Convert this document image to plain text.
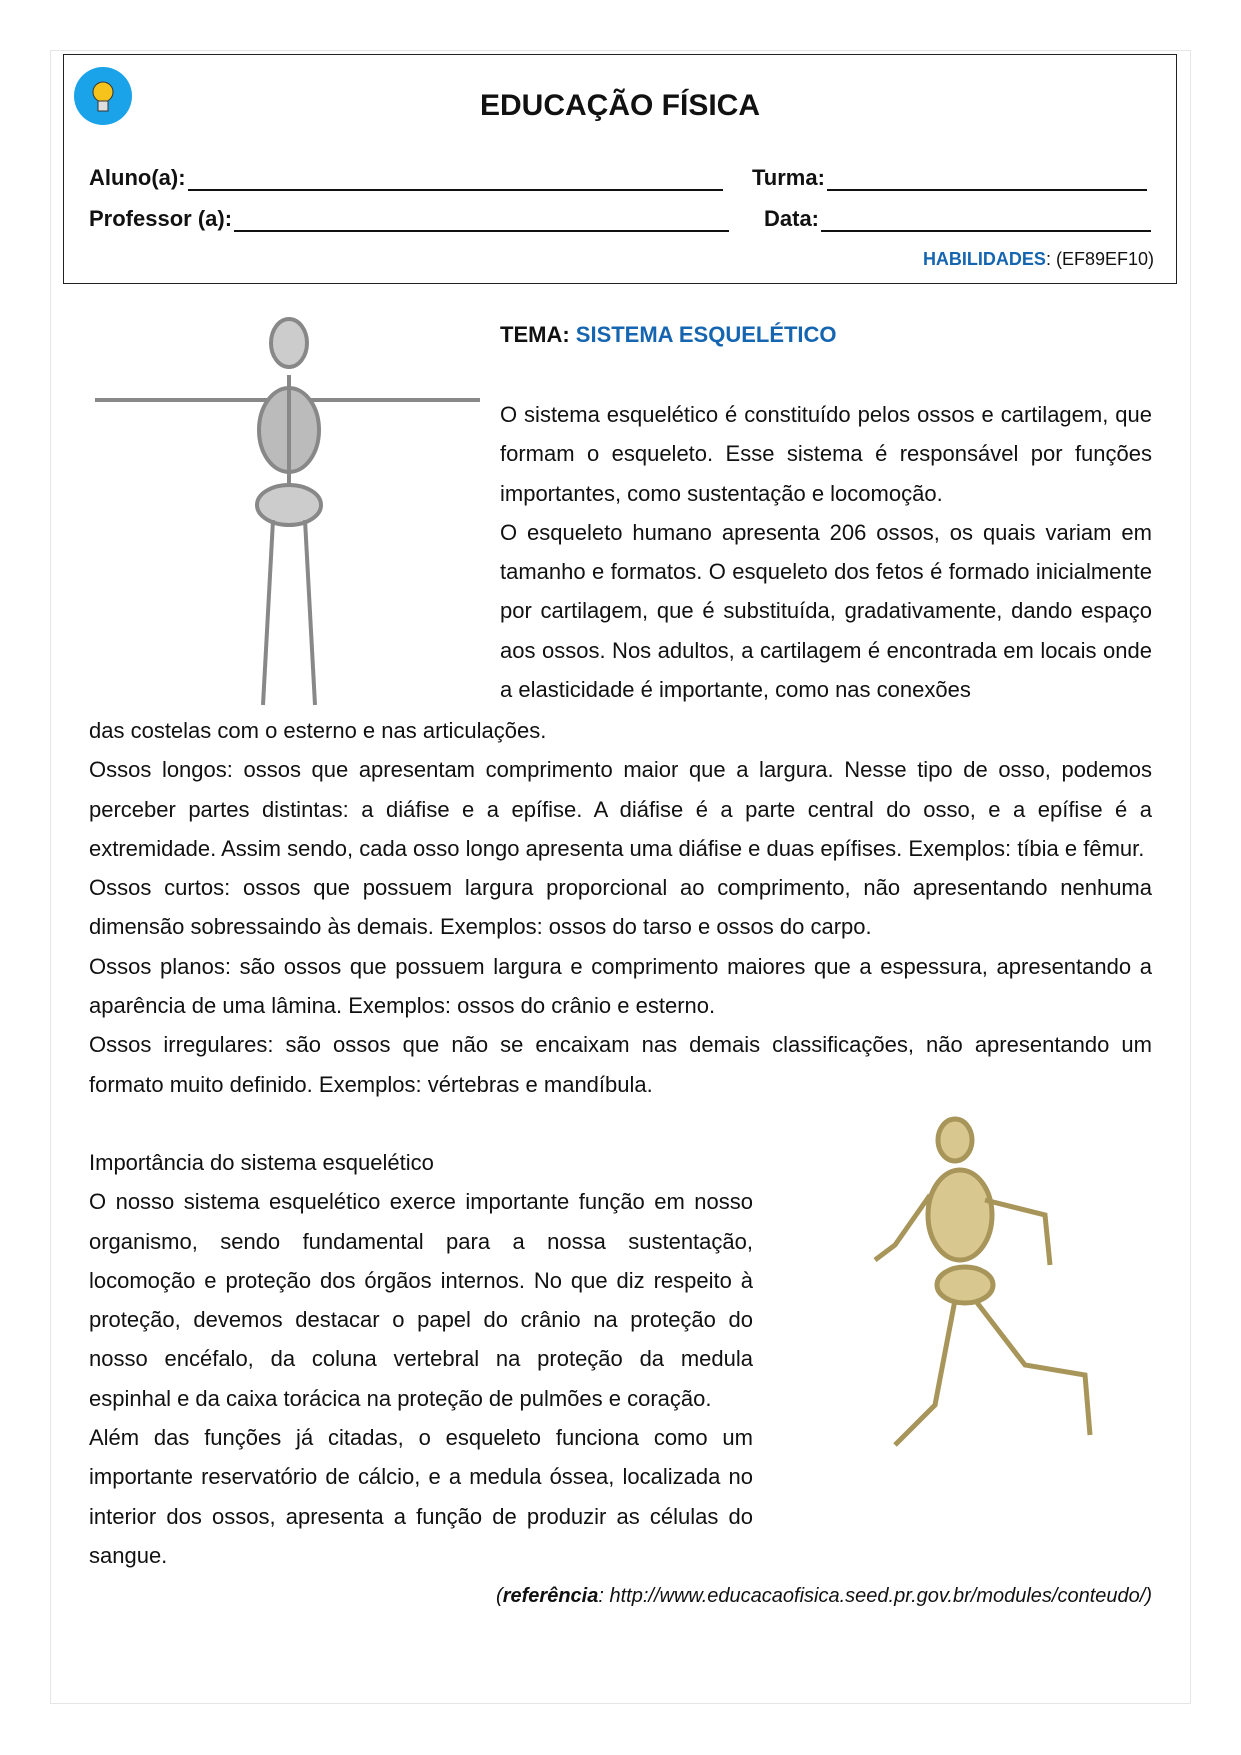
EDUCAÇÃO FÍSICA
Aluno(a):	Turma:
Professor (a):	Data:
HABILIDADES: (EF89EF10)
TEMA: SISTEMA ESQUELÉTICO

O sistema esquelético é constituído pelos ossos e cartilagem, que formam o esqueleto. Esse sistema é responsável por funções importantes, como sustentação e locomoção.

O esqueleto humano apresenta 206 ossos, os quais variam em tamanho e formatos. O esqueleto dos fetos é formado inicialmente por cartilagem, que é substituída, gradativamente, dando espaço aos ossos. Nos adultos, a cartilagem é encontrada em locais onde a elasticidade é importante, como nas conexões

das costelas com o esterno e nas articulações.

Ossos longos: ossos que apresentam comprimento maior que a largura. Nesse tipo de osso, podemos perceber partes distintas: a diáfise e a epífise. A diáfise é a parte central do osso, e a epífise é a extremidade. Assim sendo, cada osso longo apresenta uma diáfise e duas epífises. Exemplos: tíbia e fêmur.

Ossos curtos: ossos que possuem largura proporcional ao comprimento, não apresentando nenhuma dimensão sobressaindo às demais. Exemplos: ossos do tarso e ossos do carpo.

Ossos planos: são ossos que possuem largura e comprimento maiores que a espessura, apresentando a aparência de uma lâmina. Exemplos: ossos do crânio e esterno.

Ossos irregulares: são ossos que não se encaixam nas demais classificações, não apresentando um formato muito definido. Exemplos: vértebras e mandíbula.

Importância do sistema esquelético

O nosso sistema esquelético exerce importante função em nosso organismo, sendo fundamental para a nossa sustentação, locomoção e proteção dos órgãos internos. No que diz respeito à proteção, devemos destacar o papel do crânio na proteção do nosso encéfalo, da coluna vertebral na proteção da medula espinhal e da caixa torácica na proteção de pulmões e coração.

Além das funções já citadas, o esqueleto funciona como um importante reservatório de cálcio, e a medula óssea, localizada no interior dos ossos, apresenta a função de produzir as células do sangue.

(referência: http://www.educacaofisica.seed.pr.gov.br/modules/conteudo/)
